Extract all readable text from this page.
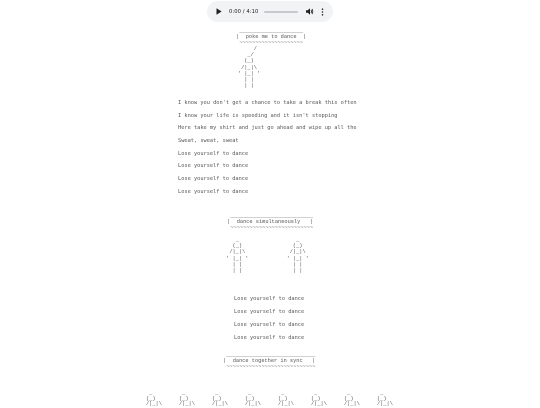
0:00 / 4:10
____________________
|  poke me to dance  |
~~~~~~~~~~~~~~~~~~~~
/
_/
(_)
/|_|\
' |_| '
| |
| |
I know you don't get a chance to take a break this often
I know your life is speeding and it isn't stopping
Here take my shirt and just go ahead and wipe up all the
Sweat, sweat, sweat
Lose yourself to dance
Lose yourself to dance
Lose yourself to dance
Lose yourself to dance
__________________________
|  dance simultaneously   |
~~~~~~~~~~~~~~~~~~~~~~~~~~
_                  _
(_)                (_)
/|_|\              /|_|\
' |_| '            ' |_| '
| |                | |
| |                | |
Lose yourself to dance
Lose yourself to dance
Lose yourself to dance
Lose yourself to dance
____________________________
|  dance together in sync   |
~~~~~~~~~~~~~~~~~~~~~~~~~~~~
_
(_)
/|_|\
_
(_)
/|_|\
_
(_)
/|_|\
_
(_)
/|_|\
_
(_)
/|_|\
_
(_)
/|_|\
_
(_)
/|_|\
_
(_)
/|_|\
